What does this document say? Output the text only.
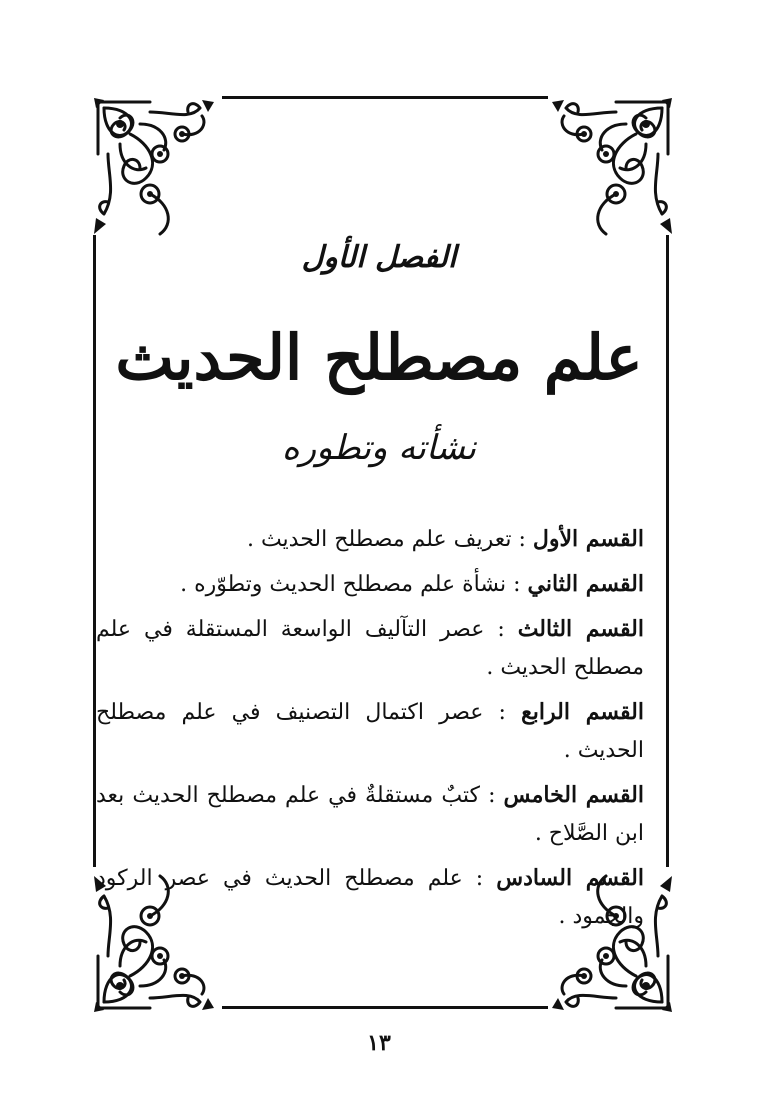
الفصل الأول
علم مصطلح الحديث
نشأته وتطوره

القسم الأول : تعريف علم مصطلح الحديث .

القسم الثاني : نشأة علم مصطلح الحديث وتطوّره .

القسم الثالث : عصر التآليف الواسعة المستقلة في علم مصطلح الحديث .

القسم الرابع : عصر اكتمال التصنيف في علم مصطلح الحديث .

القسم الخامس : كتبٌ مستقلةٌ في علم مصطلح الحديث بعد ابن الصَّلاح .

القسم السادس : علم مصطلح الحديث في عصر الركود والجمود .

١٣
